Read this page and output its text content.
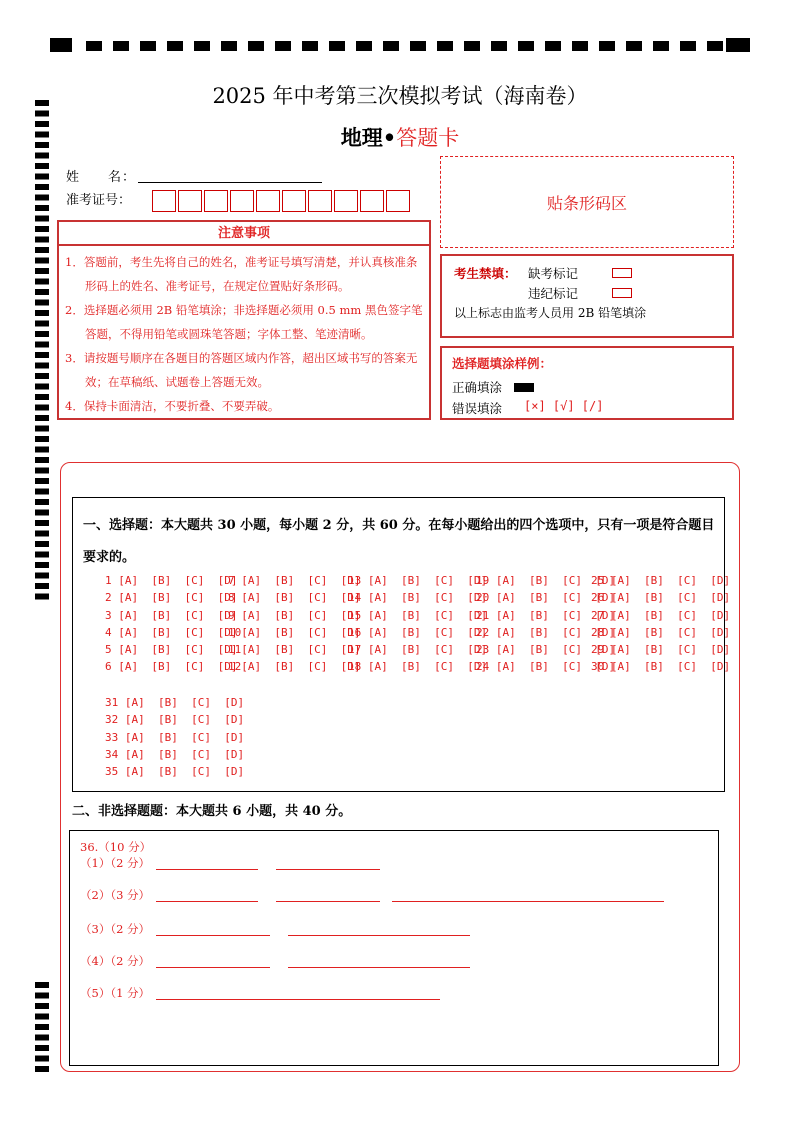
2025 年中考第三次模拟考试（海南卷）
地理•答题卡
姓　　名：
准考证号：
注意事项
1．答题前，考生先将自己的姓名，准考证号填写清楚，并认真核准条形码上的姓名、准考证号，在规定位置贴好条形码。
2．选择题必须用 2B 铅笔填涂；非选择题必须用 0.5 mm 黑色签字笔答题，不得用铅笔或圆珠笔答题；字体工整、笔迹清晰。
3．请按题号顺序在各题目的答题区域内作答，超出区域书写的答案无效；在草稿纸、试题卷上答题无效。
4．保持卡面清洁，不要折叠、不要弄破。
贴条形码区
考生禁填： 缺考标记
违纪标记
以上标志由监考人员用 2B 铅笔填涂
选择题填涂样例：
正确填涂
错误填涂 [×] [√] [/]
一、选择题：本大题共 30 小题，每小题 2 分，共 60 分。在每小题给出的四个选项中，只有一项是符合题目要求的。
1 [A]  [B]  [C]  [D]
2 [A]  [B]  [C]  [D]
3 [A]  [B]  [C]  [D]
4 [A]  [B]  [C]  [D]
5 [A]  [B]  [C]  [D]
6 [A]  [B]  [C]  [D]
7 [A]  [B]  [C]  [D]
8 [A]  [B]  [C]  [D]
9 [A]  [B]  [C]  [D]
10[A]  [B]  [C]  [D]
11[A]  [B]  [C]  [D]
12[A]  [B]  [C]  [D]
13 [A]  [B]  [C]  [D]
14 [A]  [B]  [C]  [D]
15 [A]  [B]  [C]  [D]
16 [A]  [B]  [C]  [D]
17 [A]  [B]  [C]  [D]
18 [A]  [B]  [C]  [D]
19 [A]  [B]  [C]  [D]
20 [A]  [B]  [C]  [D]
21 [A]  [B]  [C]  [D]
22 [A]  [B]  [C]  [D]
23 [A]  [B]  [C]  [D]
24 [A]  [B]  [C]  [D]
25 [A]  [B]  [C]  [D]
26 [A]  [B]  [C]  [D]
27 [A]  [B]  [C]  [D]
28 [A]  [B]  [C]  [D]
29 [A]  [B]  [C]  [D]
30 [A]  [B]  [C]  [D]
31 [A]  [B]  [C]  [D]
32 [A]  [B]  [C]  [D]
33 [A]  [B]  [C]  [D]
34 [A]  [B]  [C]  [D]
35 [A]  [B]  [C]  [D]
二、非选择题题：本大题共 6 小题，共 40 分。
36.（10 分）
（1）（2 分）
（2）（3 分）
（3）（2 分）
（4）（2 分）
（5）（1 分）
